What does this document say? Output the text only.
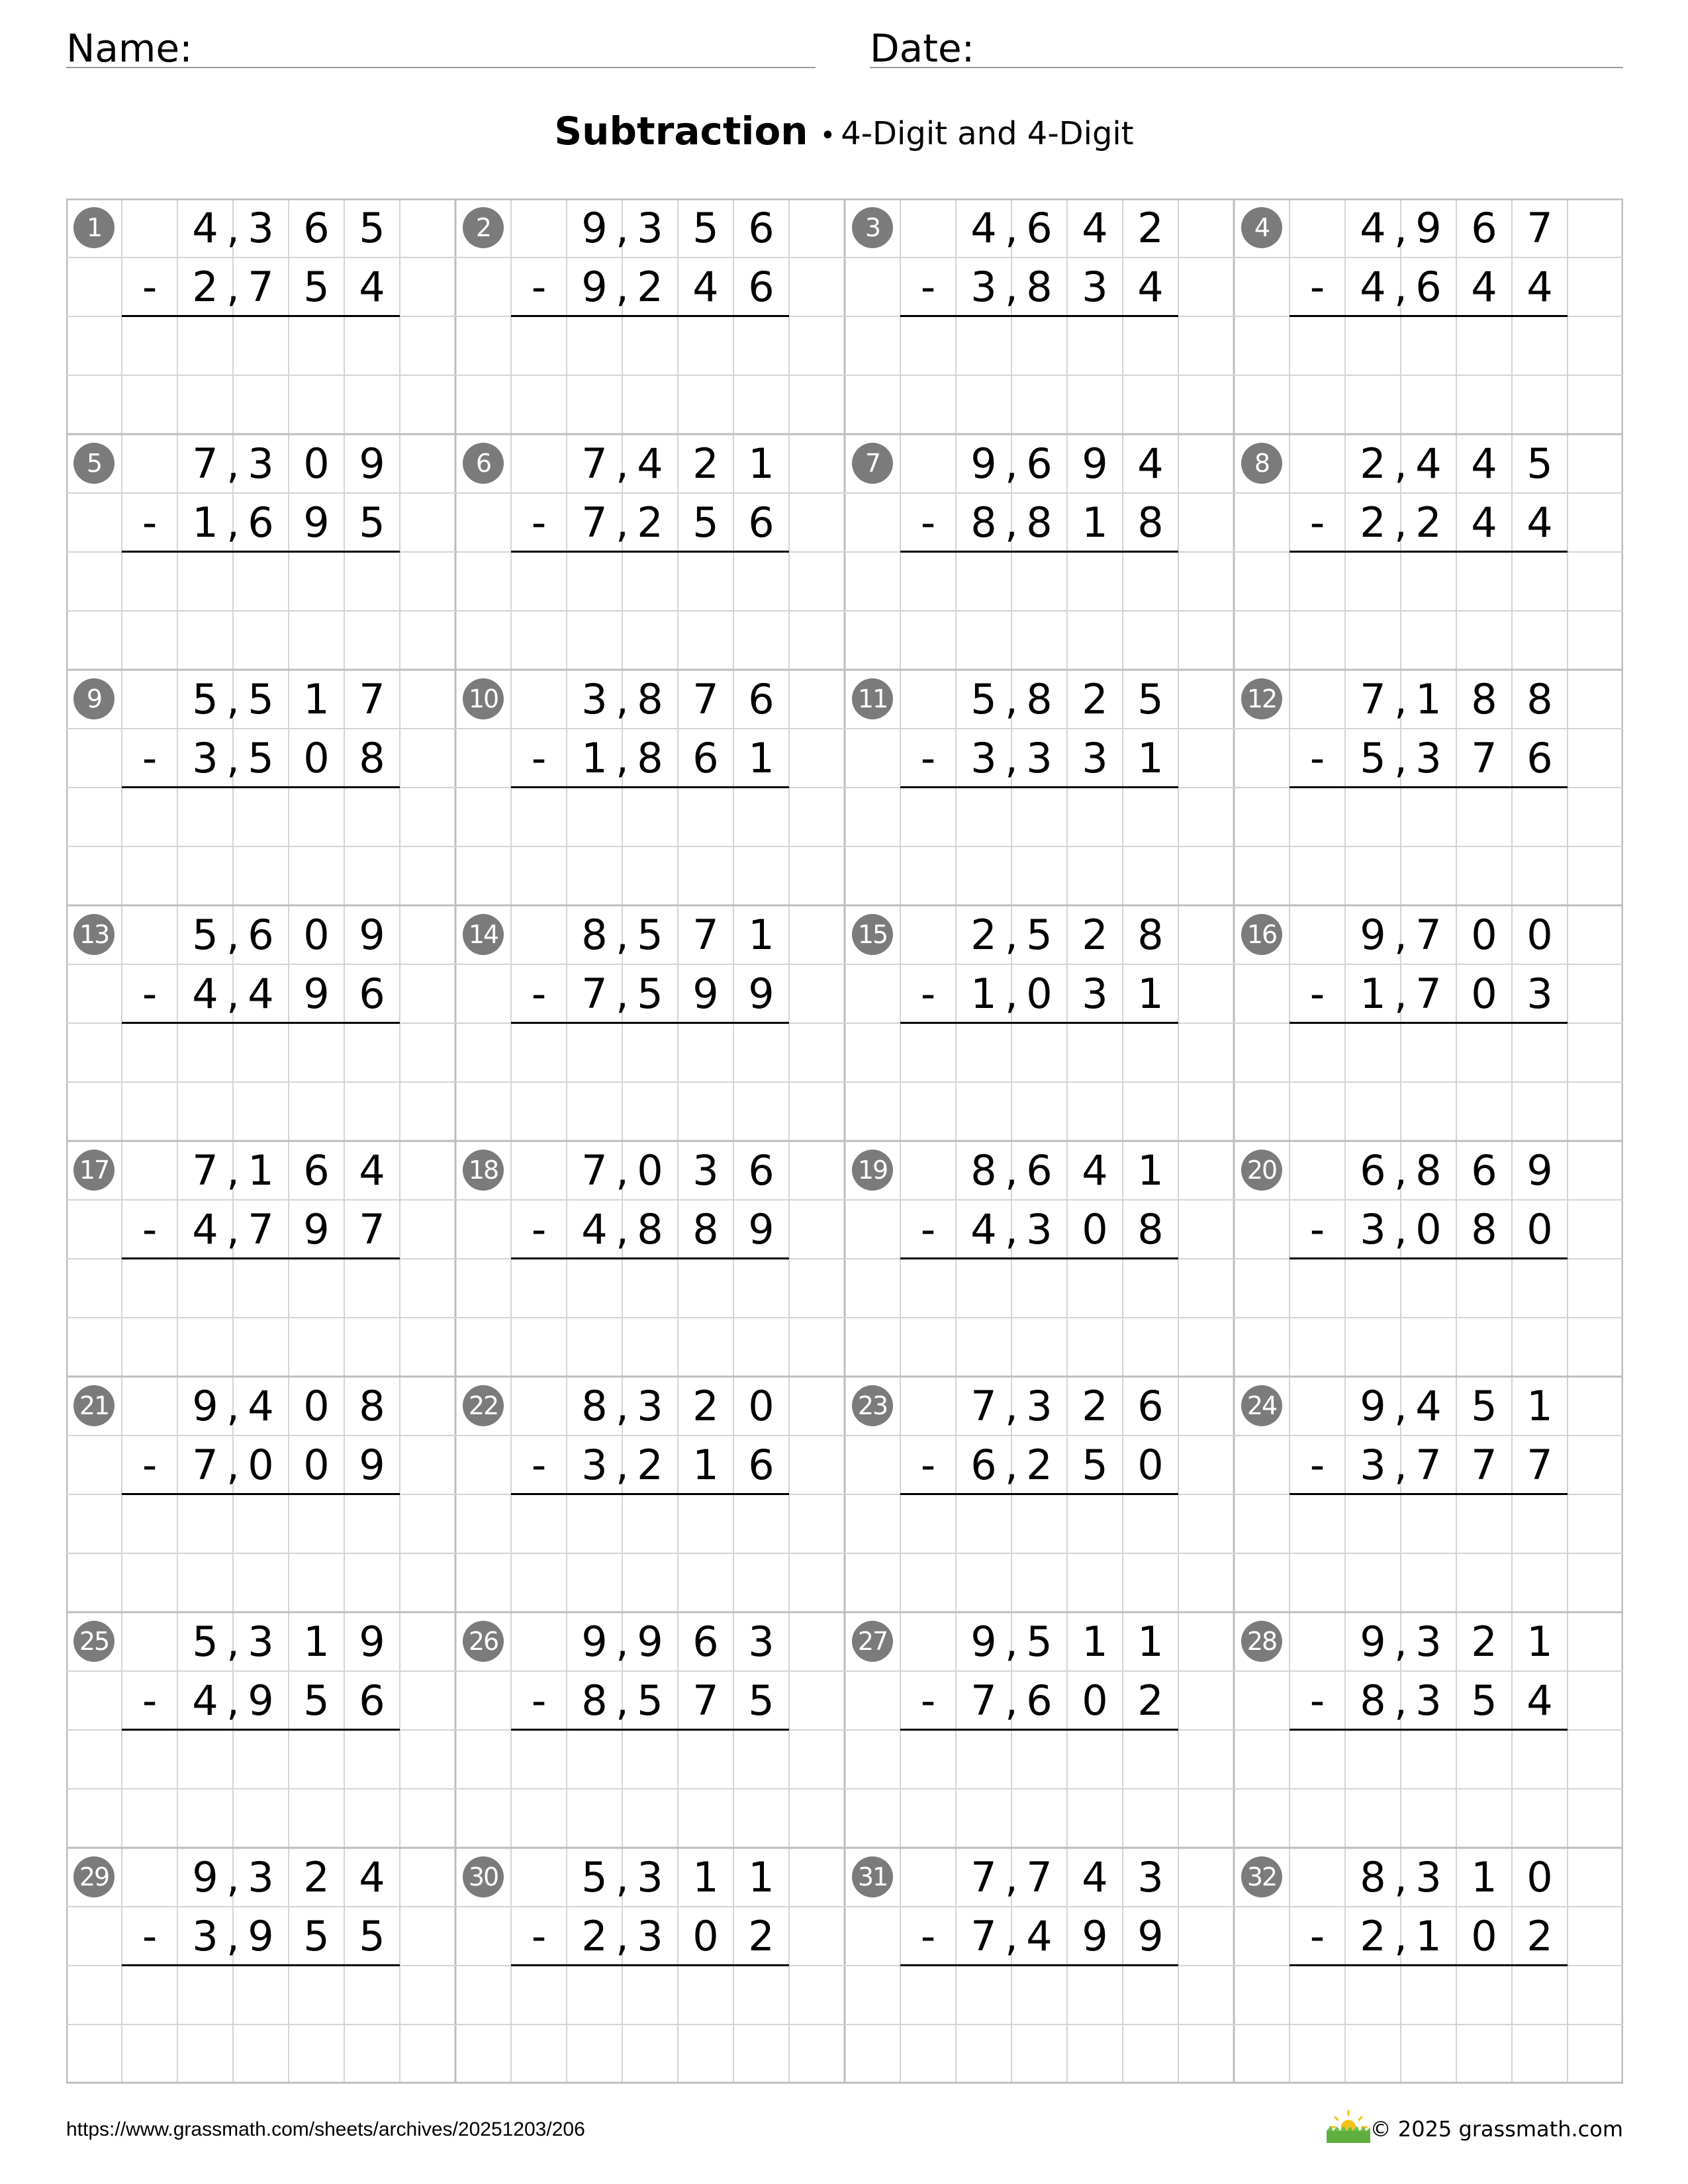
Name:	Date:
Subtraction • 4-Digit and 4-Digit
1	4 3 6 5
,
2 7 5 4
,
-
2	9 3 5 6
,
9 2 4 6
,
-
3	4 6 4 2
,
3 8 3 4
,
-
4	4 9 6 7
,
4 6 4 4
,
-
5	7 3 0 9
,
1 6 9 5
,
-
6	7 4 2 1
,
7 2 5 6
,
-
7	9 6 9 4
,
8 8 1 8
,
-
8	2 4 4 5
,
2 2 4 4
,
-
9	5 5 1 7
,
3 5 0 8
,
-
10	3 8 7 6
,
1 8 6 1
,
-
11	5 8 2 5
,
3 3 3 1
,
-
12	7 1 8 8
,
5 3 7 6
,
-
13	5 6 0 9
,
4 4 9 6
,
-
14	8 5 7 1
,
7 5 9 9
,
-
15	2 5 2 8
,
1 0 3 1
,
-
16	9 7 0 0
,
1 7 0 3
,
-
17	7 1 6 4
,
4 7 9 7
,
-
18	7 0 3 6
,
4 8 8 9
,
-
19	8 6 4 1
,
4 3 0 8
,
-
20	6 8 6 9
,
3 0 8 0
,
-
21	9 4 0 8
,
7 0 0 9
,
-
22	8 3 2 0
,
3 2 1 6
,
-
23	7 3 2 6
,
6 2 5 0
,
-
24	9 4 5 1
,
3 7 7 7
,
-
25	5 3 1 9
,
4 9 5 6
,
-
26	9 9 6 3
,
8 5 7 5
,
-
27	9 5 1 1
,
7 6 0 2
,
-
28	9 3 2 1
,
8 3 5 4
,
-
29	9 3 2 4
,
3 9 5 5
,
-
30	5 3 1 1
,
2 3 0 2
,
-
31	7 7 4 3
,
7 4 9 9
,
-
32	8 3 1 0
,
2 1 0 2
,
-
https://www.grassmath.com/sheets/archives/20251203/206	© 2025 grassmath.com
